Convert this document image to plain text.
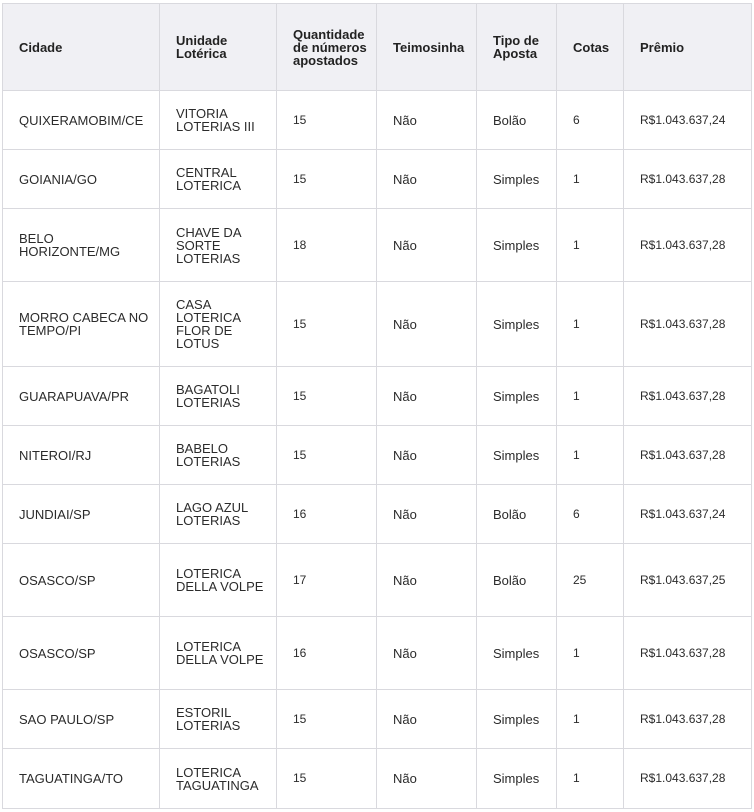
Cidade	Unidade Lotérica	Quantidade de números apostados	Teimosinha	Tipo de Aposta	Cotas	Prêmio
QUIXERAMOBIM/CE	VITORIA LOTERIAS III	15	Não	Bolão	6	R$1.043.637,24
GOIANIA/GO	CENTRAL LOTERICA	15	Não	Simples	1	R$1.043.637,28
BELO HORIZONTE/MG	CHAVE DA SORTE LOTERIAS	18	Não	Simples	1	R$1.043.637,28
MORRO CABECA NO TEMPO/PI	CASA LOTERICA FLOR DE LOTUS	15	Não	Simples	1	R$1.043.637,28
GUARAPUAVA/PR	BAGATOLI LOTERIAS	15	Não	Simples	1	R$1.043.637,28
NITEROI/RJ	BABELO LOTERIAS	15	Não	Simples	1	R$1.043.637,28
JUNDIAI/SP	LAGO AZUL LOTERIAS	16	Não	Bolão	6	R$1.043.637,24
OSASCO/SP	LOTERICA DELLA VOLPE	17	Não	Bolão	25	R$1.043.637,25
OSASCO/SP	LOTERICA DELLA VOLPE	16	Não	Simples	1	R$1.043.637,28
SAO PAULO/SP	ESTORIL LOTERIAS	15	Não	Simples	1	R$1.043.637,28
TAGUATINGA/TO	LOTERICA TAGUATINGA	15	Não	Simples	1	R$1.043.637,28
